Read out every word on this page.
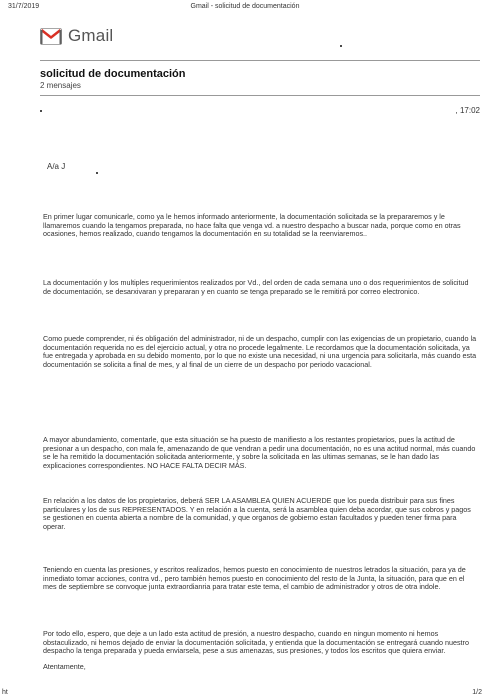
31/7/2019	Gmail - solicitud de documentación
Gmail
solicitud de documentación
2 mensajes
, 17:02
A/a J
En primer lugar comunicarle, como ya le hemos informado anteriormente, la documentación solicitada se la prepararemos y le llamaremos cuando la tengamos preparada, no hace falta que venga vd. a nuestro despacho a buscar nada, porque como en otras ocasiones, hemos realizado, cuando tengamos la documentación en su totalidad se la reenviaremos..
La documentación y los multiples requerimientos realizados por Vd., del orden de cada semana uno o dos requerimientos de solicitud de documentación, se desarxivaran y prepararan y en cuanto se tenga preparado se le remitirá por correo electronico.
Como puede comprender, ni és obligación del administrador, ni de un despacho, cumplir con las exigencias de un propietario, cuando la documentación requerida no es del ejercicio actual, y otra no procede legalmente. Le recordamos que la documentación solicitada, ya fue entregada y aprobada en su debido momento, por lo que no existe una necesidad, ni una urgencia para solicitarla, más cuando esta documentación se solicita a final de mes, y al final de un cierre de un despacho por periodo vacacional.
A mayor abundamiento, comentarle, que esta situación se ha puesto de manifiesto a los restantes propietarios, pues la actitud de presionar a un despacho, con mala fe, amenazando de que vendran a pedir una documentación, no es una actitud normal, más cuando se le ha remitido la documentación solicitada anteriormente, y sobre la solicitada en las ultimas semanas, se le han dado las explicaciones correspondientes. NO HACE FALTA DECIR MÁS.
En relación a los datos de los propietarios, deberá SER LA ASAMBLEA QUIEN ACUERDE que los pueda distribuir para sus fines particulares y los de sus REPRESENTADOS. Y en relación a la cuenta, será la asamblea quien deba acordar, que sus cobros y pagos se gestionen en cuenta abierta a nombre de la comunidad, y que organos de gobierno estan facultados y pueden tener firma para operar.
Teniendo en cuenta las presiones, y escritos realizados, hemos puesto en conocimiento de nuestros letrados la situación, para ya de inmediato tomar acciones, contra vd., pero también hemos puesto en conocimiento del resto de la Junta, la situación, para que en el mes de septiembre se convoque junta extraordianria para tratar este tema, el cambio de administrador y otros de otra indole.
Por todo ello, espero, que deje a un lado esta actitud de presión, a nuestro despacho, cuando en ningun momento ni hemos obstaculizado, ni hemos dejado de enviar la documentación solicitada, y entienda que la documentación se entregará cuando nuestro despacho la tenga preparada y pueda enviarsela, pese a sus amenazas, sus presiones, y todos los escritos que quiera enviar.
Atentamente,
ht	1/2
